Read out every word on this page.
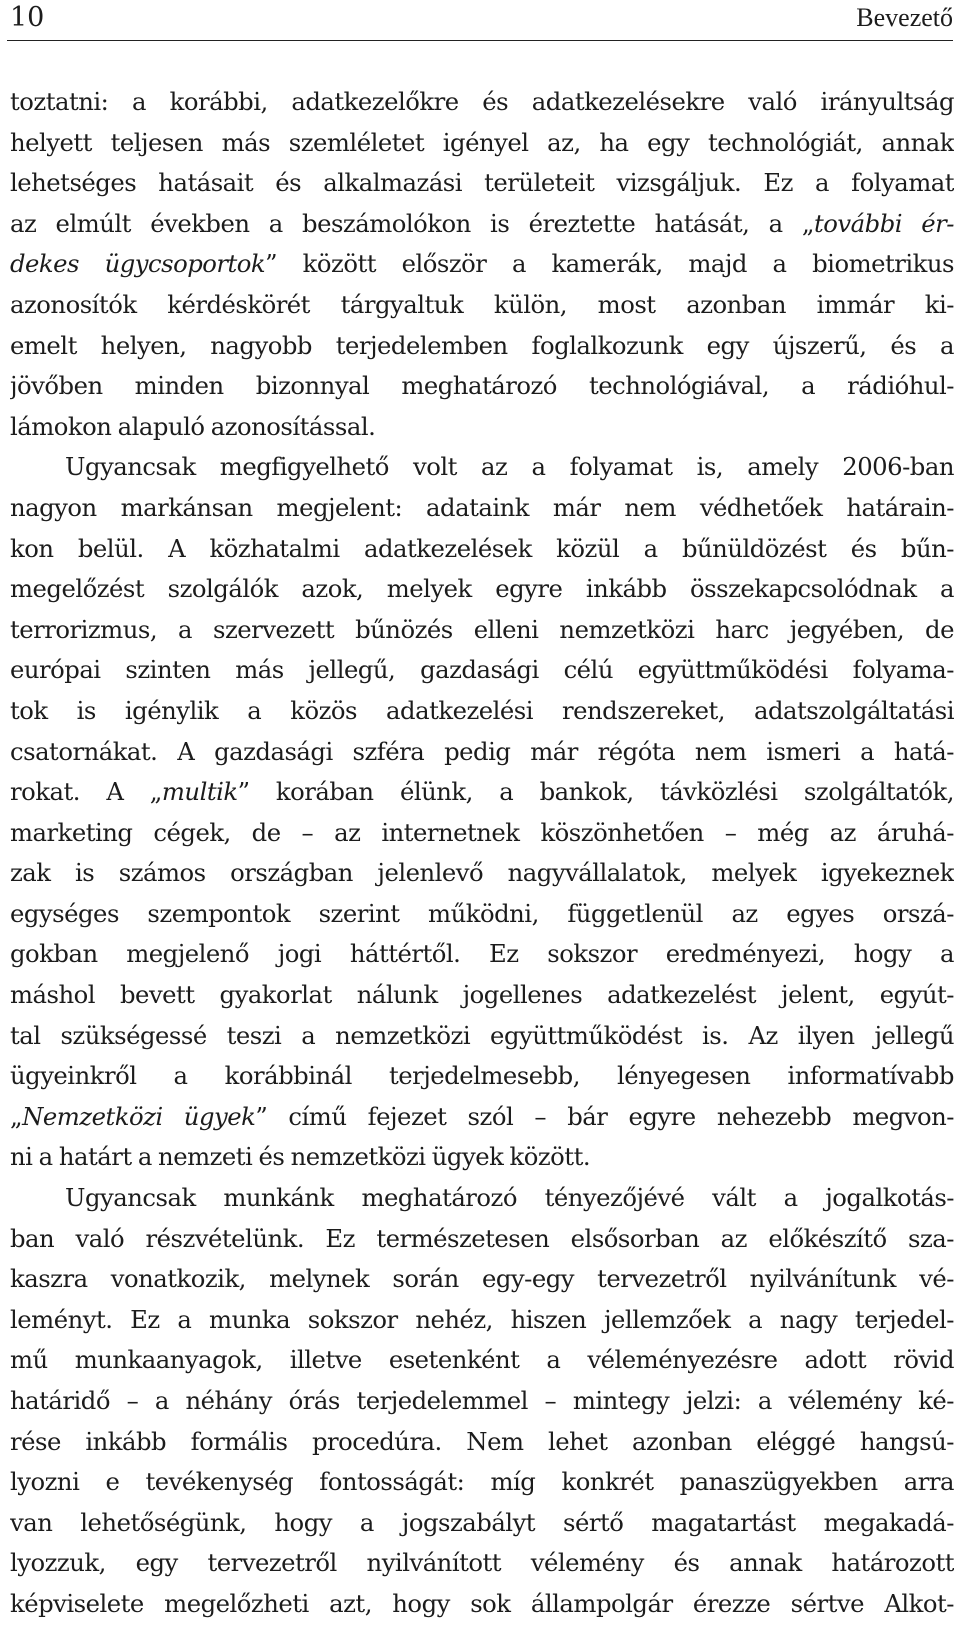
10	Bevezető
toztatni: a korábbi, adatkezelőkre és adatkezelésekre való irányultság
helyett teljesen más szemléletet igényel az, ha egy technológiát, annak
lehetséges hatásait és alkalmazási területeit vizsgáljuk. Ez a folyamat
az elmúlt években a beszámolókon is éreztette hatását, a „további ér-
dekes ügycsoportok” között először a kamerák, majd a biometrikus
azonosítók kérdéskörét tárgyaltuk külön, most azonban immár ki-
emelt helyen, nagyobb terjedelemben foglalkozunk egy újszerű, és a
jövőben minden bizonnyal meghatározó technológiával, a rádióhul-
lámokon alapuló azonosítással.
Ugyancsak megfigyelhető volt az a folyamat is, amely 2006-ban
nagyon markánsan megjelent: adataink már nem védhetőek határain-
kon belül. A közhatalmi adatkezelések közül a bűnüldözést és bűn-
megelőzést szolgálók azok, melyek egyre inkább összekapcsolódnak a
terrorizmus, a szervezett bűnözés elleni nemzetközi harc jegyében, de
európai szinten más jellegű, gazdasági célú együttműködési folyama-
tok is igénylik a közös adatkezelési rendszereket, adatszolgáltatási
csatornákat. A gazdasági szféra pedig már régóta nem ismeri a hatá-
rokat. A „multik” korában élünk, a bankok, távközlési szolgáltatók,
marketing cégek, de – az internetnek köszönhetően – még az áruhá-
zak is számos országban jelenlevő nagyvállalatok, melyek igyekeznek
egységes szempontok szerint működni, függetlenül az egyes orszá-
gokban megjelenő jogi háttértől. Ez sokszor eredményezi, hogy a
máshol bevett gyakorlat nálunk jogellenes adatkezelést jelent, egyút-
tal szükségessé teszi a nemzetközi együttműködést is. Az ilyen jellegű
ügyeinkről a korábbinál terjedelmesebb, lényegesen informatívabb
„Nemzetközi ügyek” című fejezet szól – bár egyre nehezebb megvon-
ni a határt a nemzeti és nemzetközi ügyek között.
Ugyancsak munkánk meghatározó tényezőjévé vált a jogalkotás-
ban való részvételünk. Ez természetesen elsősorban az előkészítő sza-
kaszra vonatkozik, melynek során egy-egy tervezetről nyilvánítunk vé-
leményt. Ez a munka sokszor nehéz, hiszen jellemzőek a nagy terjedel-
mű munkaanyagok, illetve esetenként a véleményezésre adott rövid
határidő – a néhány órás terjedelemmel – mintegy jelzi: a vélemény ké-
rése inkább formális procedúra. Nem lehet azonban eléggé hangsú-
lyozni e tevékenység fontosságát: míg konkrét panaszügyekben arra
van lehetőségünk, hogy a jogszabályt sértő magatartást megakadá-
lyozzuk, egy tervezetről nyilvánított vélemény és annak határozott
képviselete megelőzheti azt, hogy sok állampolgár érezze sértve Alkot-
